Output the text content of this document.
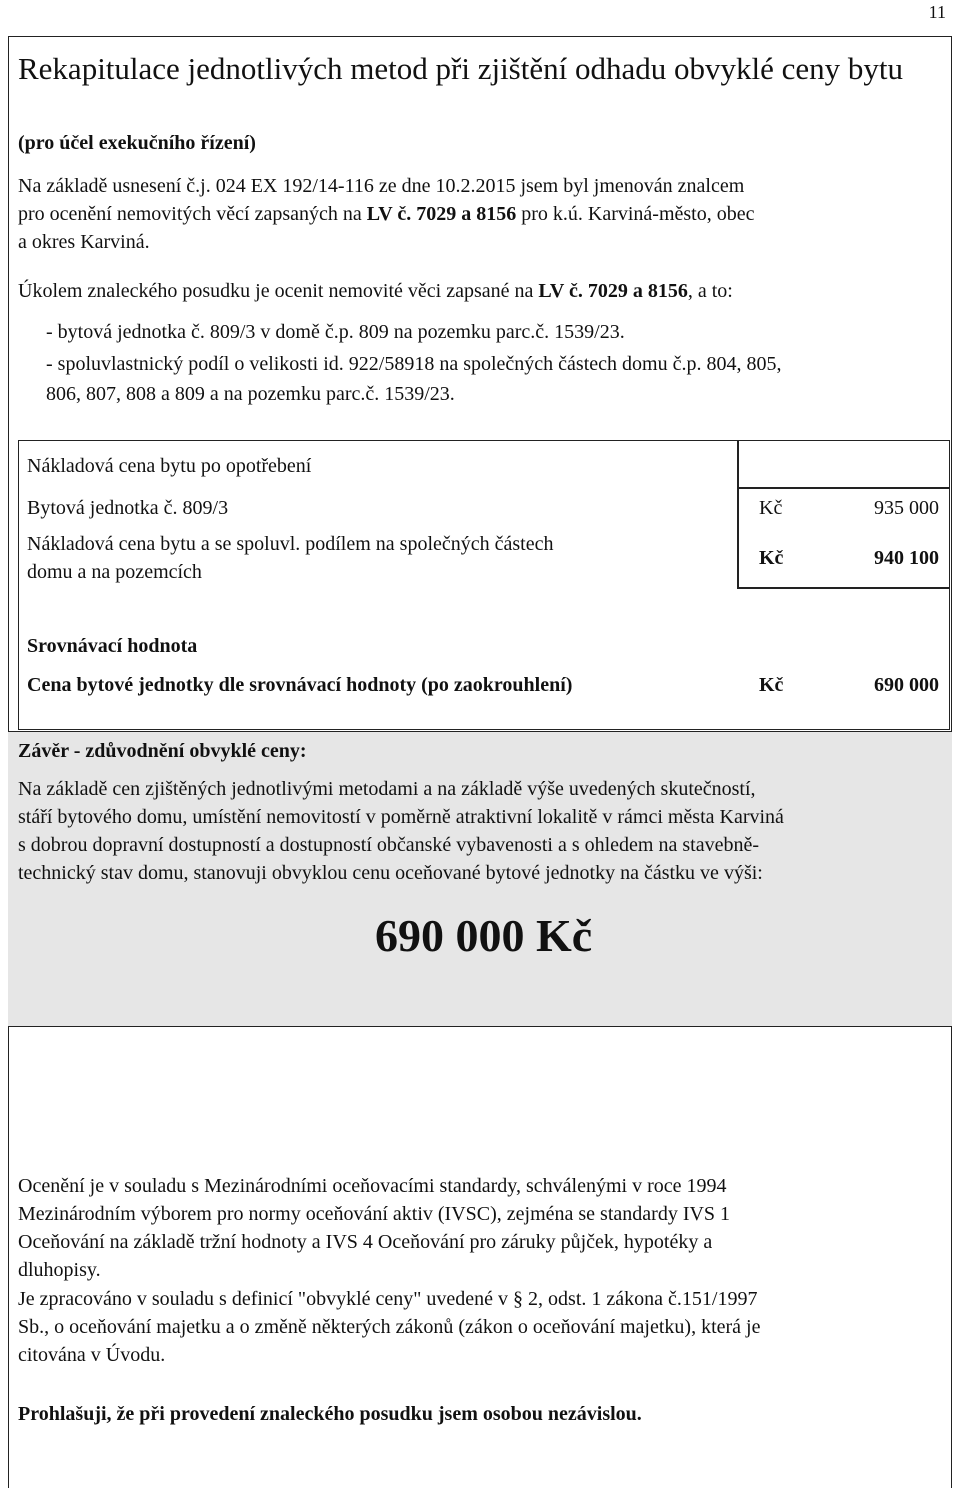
11
Rekapitulace jednotlivých metod při zjištění odhadu obvyklé ceny bytu
(pro účel exekučního řízení)
Na základě usnesení č.j. 024 EX 192/14-116 ze dne 10.2.2015 jsem byl jmenován znalcem
pro ocenění nemovitých věcí zapsaných na LV č. 7029 a 8156 pro k.ú. Karviná-město, obec
a okres Karviná.
Úkolem znaleckého posudku je ocenit nemovité věci zapsané na LV č. 7029 a 8156, a to:
- bytová jednotka č. 809/3 v domě č.p. 809 na pozemku parc.č. 1539/23.
- spoluvlastnický podíl o velikosti id. 922/58918 na společných částech domu č.p. 804, 805,
806, 807, 808 a 809 a na pozemku parc.č. 1539/23.
Nákladová cena bytu po opotřebení
Bytová jednotka č. 809/3	Kč	935 000
Nákladová cena bytu a se spoluvl. podílem na společných částech
domu a na pozemcích
Kč	940 100
Srovnávací hodnota
Cena bytové jednotky dle srovnávací hodnoty (po zaokrouhlení)	Kč	690 000
Závěr - zdůvodnění obvyklé ceny:
Na základě cen zjištěných jednotlivými metodami a na základě výše uvedených skutečností,
stáří bytového domu, umístění nemovitostí v poměrně atraktivní lokalitě v rámci města Karviná
s dobrou dopravní dostupností a dostupností občanské vybavenosti a s ohledem na stavebně-
technický stav domu, stanovuji obvyklou cenu oceňované bytové jednotky na částku ve výši:
690 000 Kč
Ocenění je v souladu s Mezinárodními oceňovacími standardy, schválenými v roce 1994
Mezinárodním výborem pro normy oceňování aktiv (IVSC), zejména se standardy IVS 1
Oceňování na základě tržní hodnoty a IVS 4 Oceňování pro záruky půjček, hypotéky a
dluhopisy.
Je zpracováno v souladu s definicí "obvyklé ceny" uvedené v § 2, odst. 1 zákona č.151/1997
Sb., o oceňování majetku a o změně některých zákonů (zákon o oceňování majetku), která je
citována v Úvodu.
Prohlašuji, že při provedení znaleckého posudku jsem osobou nezávislou.
